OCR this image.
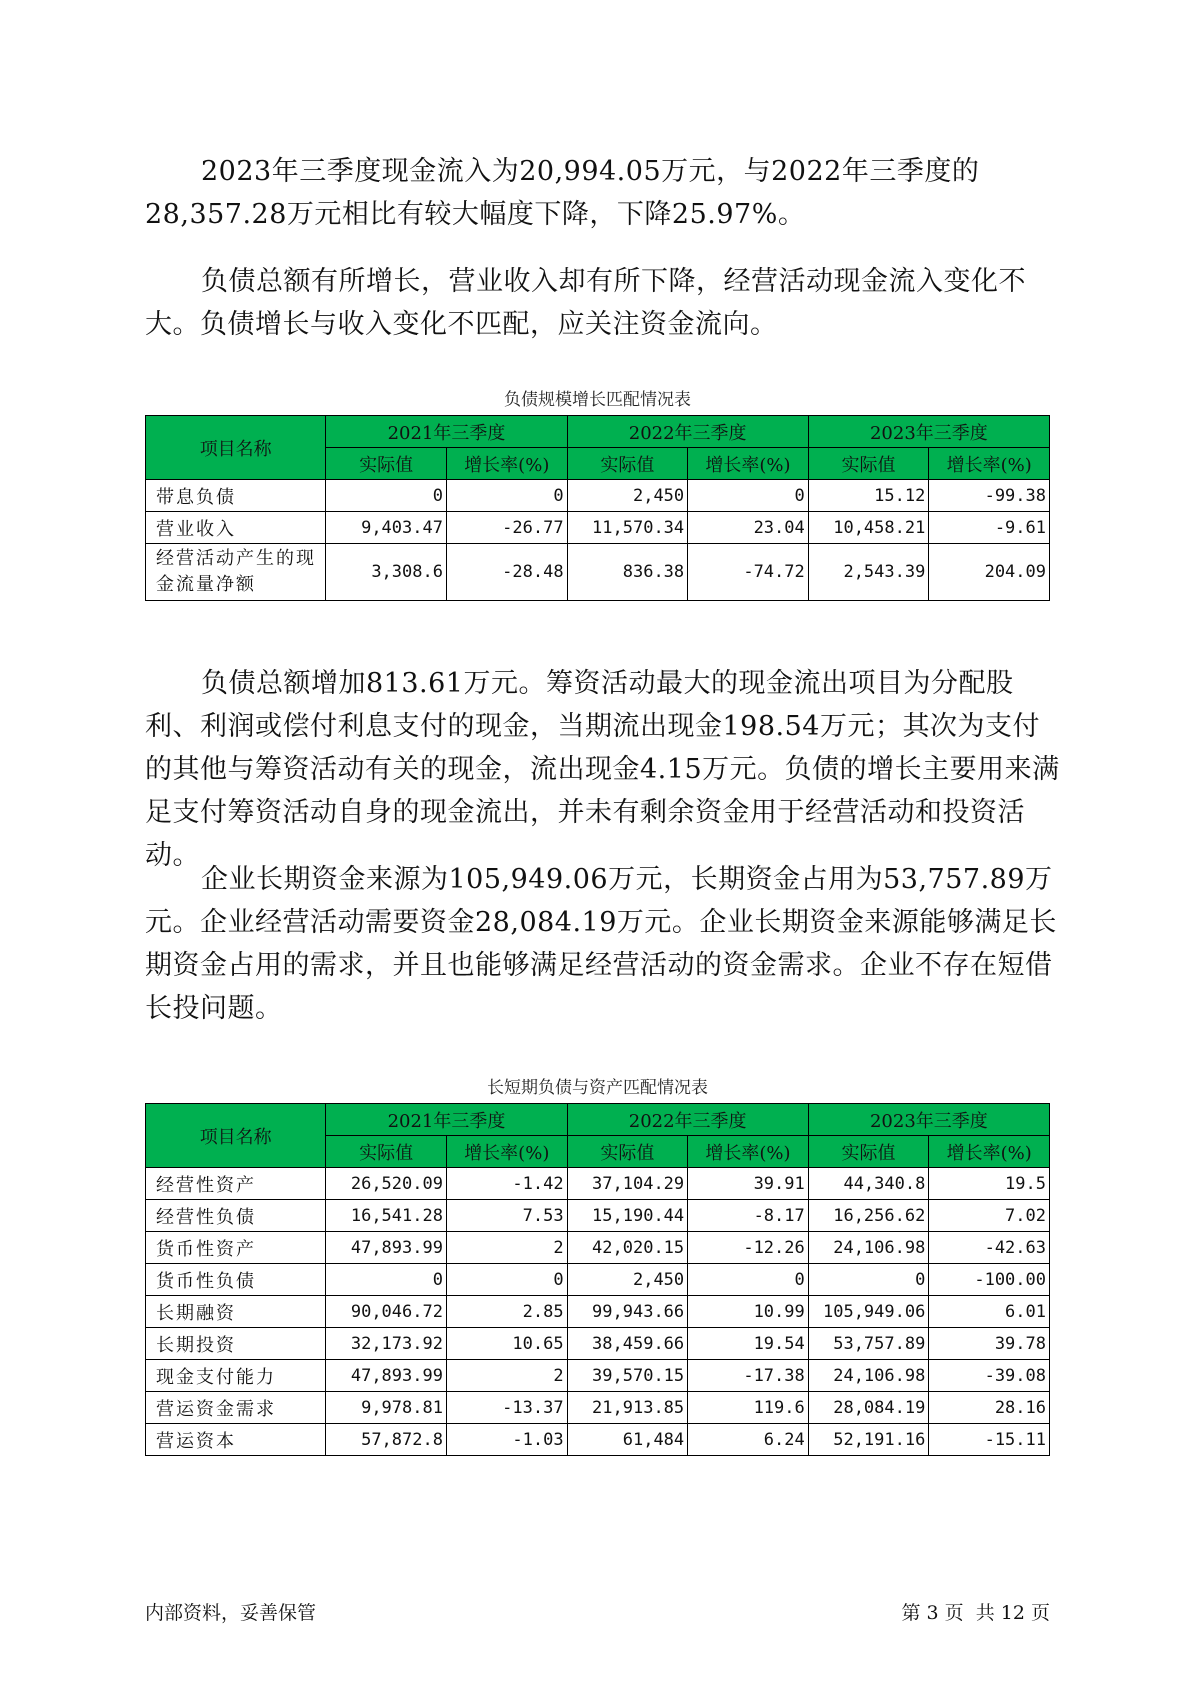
2023年三季度现金流入为20,994.05万元，与2022年三季度的28,357.28万元相比有较大幅度下降，下降25.97%。

负债总额有所增长，营业收入却有所下降，经营活动现金流入变化不大。负债增长与收入变化不匹配，应关注资金流向。

负债规模增长匹配情况表
项目名称	2021年三季度		2022年三季度		2023年三季度	
	实际值	增长率(%)	实际值	增长率(%)	实际值	增长率(%)
带息负债	0	0	2,450	0	15.12	-99.38
营业收入	9,403.47	-26.77	11,570.34	23.04	10,458.21	-9.61
经营活动产生的现金流量净额	3,308.6	-28.48	836.38	-74.72	2,543.39	204.09

负债总额增加813.61万元。筹资活动最大的现金流出项目为分配股利、利润或偿付利息支付的现金，当期流出现金198.54万元；其次为支付的其他与筹资活动有关的现金，流出现金4.15万元。负债的增长主要用来满足支付筹资活动自身的现金流出，并未有剩余资金用于经营活动和投资活动。

企业长期资金来源为105,949.06万元，长期资金占用为53,757.89万元。企业经营活动需要资金28,084.19万元。企业长期资金来源能够满足长期资金占用的需求，并且也能够满足经营活动的资金需求。企业不存在短借长投问题。

长短期负债与资产匹配情况表
项目名称	2021年三季度		2022年三季度		2023年三季度	
	实际值	增长率(%)	实际值	增长率(%)	实际值	增长率(%)
经营性资产	26,520.09	-1.42	37,104.29	39.91	44,340.8	19.5
经营性负债	16,541.28	7.53	15,190.44	-8.17	16,256.62	7.02
货币性资产	47,893.99	2	42,020.15	-12.26	24,106.98	-42.63
货币性负债	0	0	2,450	0	0	-100.00
长期融资	90,046.72	2.85	99,943.66	10.99	105,949.06	6.01
长期投资	32,173.92	10.65	38,459.66	19.54	53,757.89	39.78
现金支付能力	47,893.99	2	39,570.15	-17.38	24,106.98	-39.08
营运资金需求	9,978.81	-13.37	21,913.85	119.6	28,084.19	28.16
营运资本	57,872.8	-1.03	61,484	6.24	52,191.16	-15.11
内部资料，妥善保管	第 3 页  共 12 页
